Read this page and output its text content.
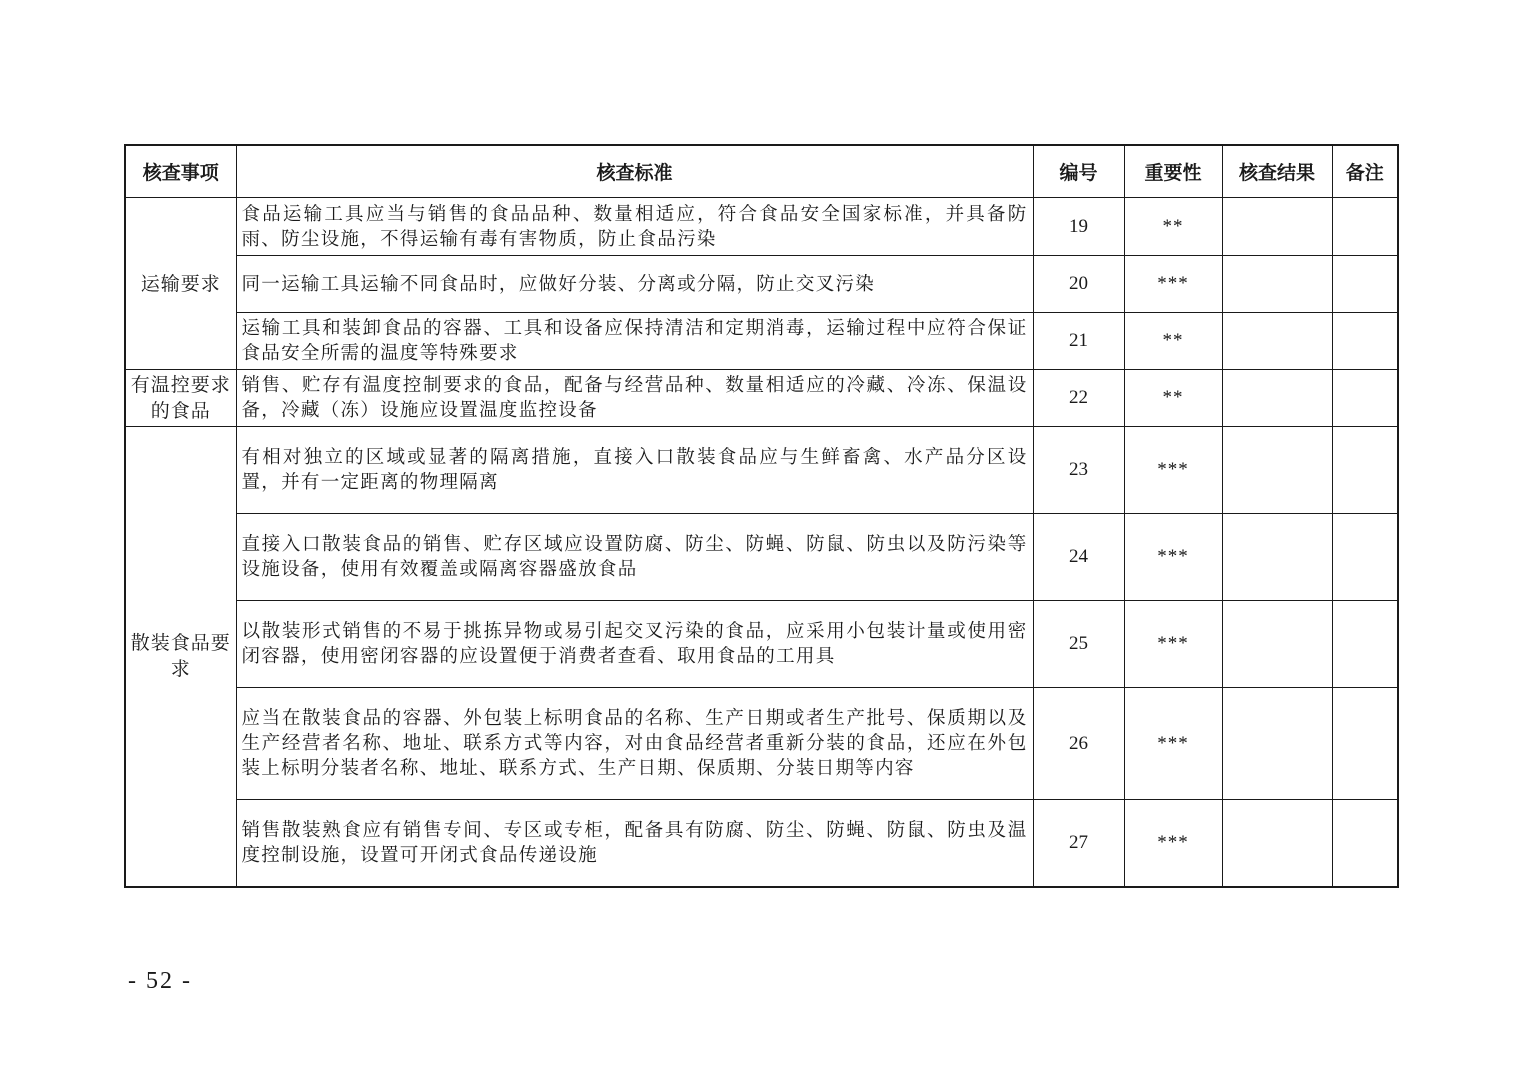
核查事项	核查标准	编号	重要性	核查结果	备注
运输要求	食品运输工具应当与销售的食品品种、数量相适应，符合食品安全国家标准，并具备防雨、防尘设施，不得运输有毒有害物质，防止食品污染	19	**		
	同一运输工具运输不同食品时，应做好分装、分离或分隔，防止交叉污染	20	***		
	运输工具和装卸食品的容器、工具和设备应保持清洁和定期消毒，运输过程中应符合保证食品安全所需的温度等特殊要求	21	**		
有温控要求的食品	销售、贮存有温度控制要求的食品，配备与经营品种、数量相适应的冷藏、冷冻、保温设备，冷藏（冻）设施应设置温度监控设备	22	**		
散装食品要求	有相对独立的区域或显著的隔离措施，直接入口散装食品应与生鲜畜禽、水产品分区设置，并有一定距离的物理隔离	23	***		
	直接入口散装食品的销售、贮存区域应设置防腐、防尘、防蝇、防鼠、防虫以及防污染等设施设备，使用有效覆盖或隔离容器盛放食品	24	***		
	以散装形式销售的不易于挑拣异物或易引起交叉污染的食品，应采用小包装计量或使用密闭容器，使用密闭容器的应设置便于消费者查看、取用食品的工用具	25	***		
	应当在散装食品的容器、外包装上标明食品的名称、生产日期或者生产批号、保质期以及生产经营者名称、地址、联系方式等内容，对由食品经营者重新分装的食品，还应在外包装上标明分装者名称、地址、联系方式、生产日期、保质期、分装日期等内容	26	***		
	销售散装熟食应有销售专间、专区或专柜，配备具有防腐、防尘、防蝇、防鼠、防虫及温度控制设施，设置可开闭式食品传递设施	27	***		
- 52 -
